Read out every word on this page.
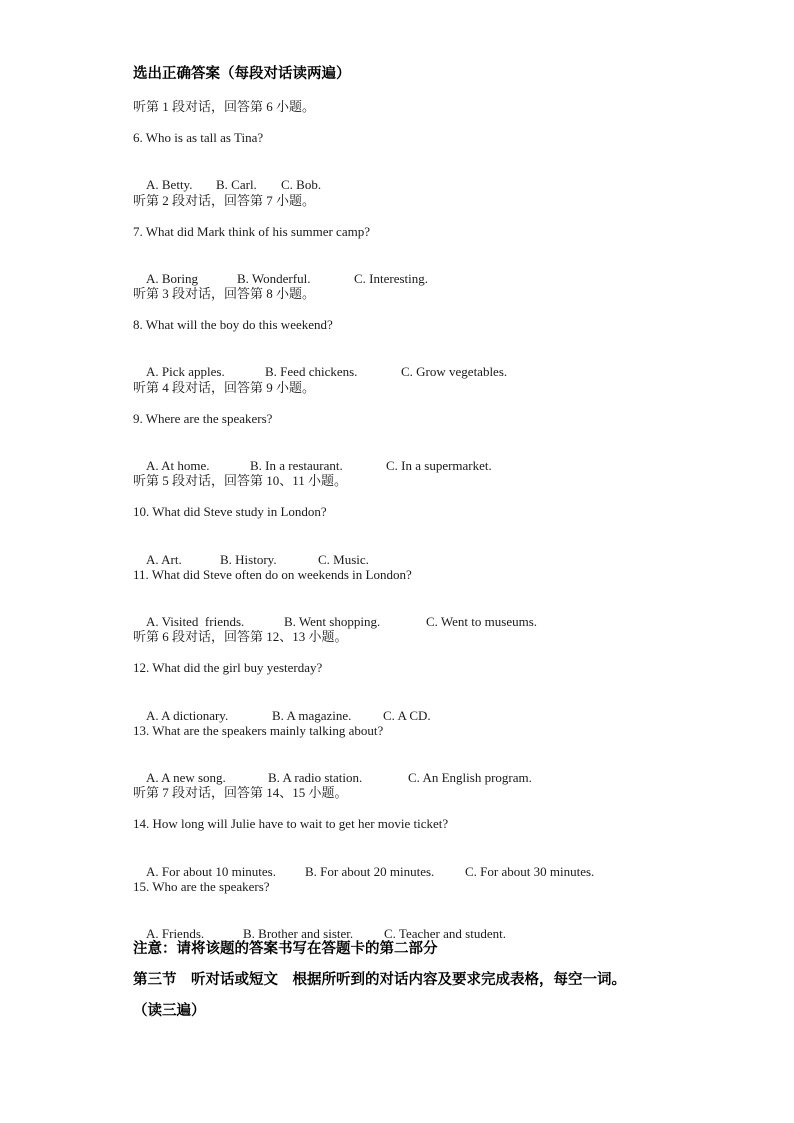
选出正确答案（每段对话读两遍）
听第 1 段对话，回答第 6 小题。
6. Who is as tall as Tina?

A. Betty. B. Carl. C. Bob.

听第 2 段对话，回答第 7 小题。
7. What did Mark think of his summer camp?

A. Boring	B. Wonderful.	C. Interesting.

听第 3 段对话，回答第 8 小题。
8. What will the boy do this weekend?

A. Pick apples.	B. Feed chickens.	C. Grow vegetables.

听第 4 段对话，回答第 9 小题。
9. Where are the speakers?

A. At home.	B. In a restaurant.	C. In a supermarket.

听第 5 段对话，回答第 10、11 小题。
10. What did Steve study in London?

A. Art.	B. History.	C. Music.

11. What did Steve often do on weekends in London?

A. Visited  friends.	B. Went shopping.	C. Went to museums.

听第 6 段对话，回答第 12、13 小题。
12. What did the girl buy yesterday?

A. A dictionary.	B. A magazine. C. A CD.

13. What are the speakers mainly talking about?

A. A new song.	B. A radio station.	C. An English program.

听第 7 段对话，回答第 14、15 小题。
14. How long will Julie have to wait to get her movie ticket?

A. For about 10 minutes. B. For about 20 minutes. C. For about 30 minutes.

15. Who are the speakers?

A. Friends.	B. Brother and sister. C. Teacher and student.

注意：请将该题的答案书写在答题卡的第二部分
第三节    听对话或短文    根据所听到的对话内容及要求完成表格，每空一词。
（读三遍）
